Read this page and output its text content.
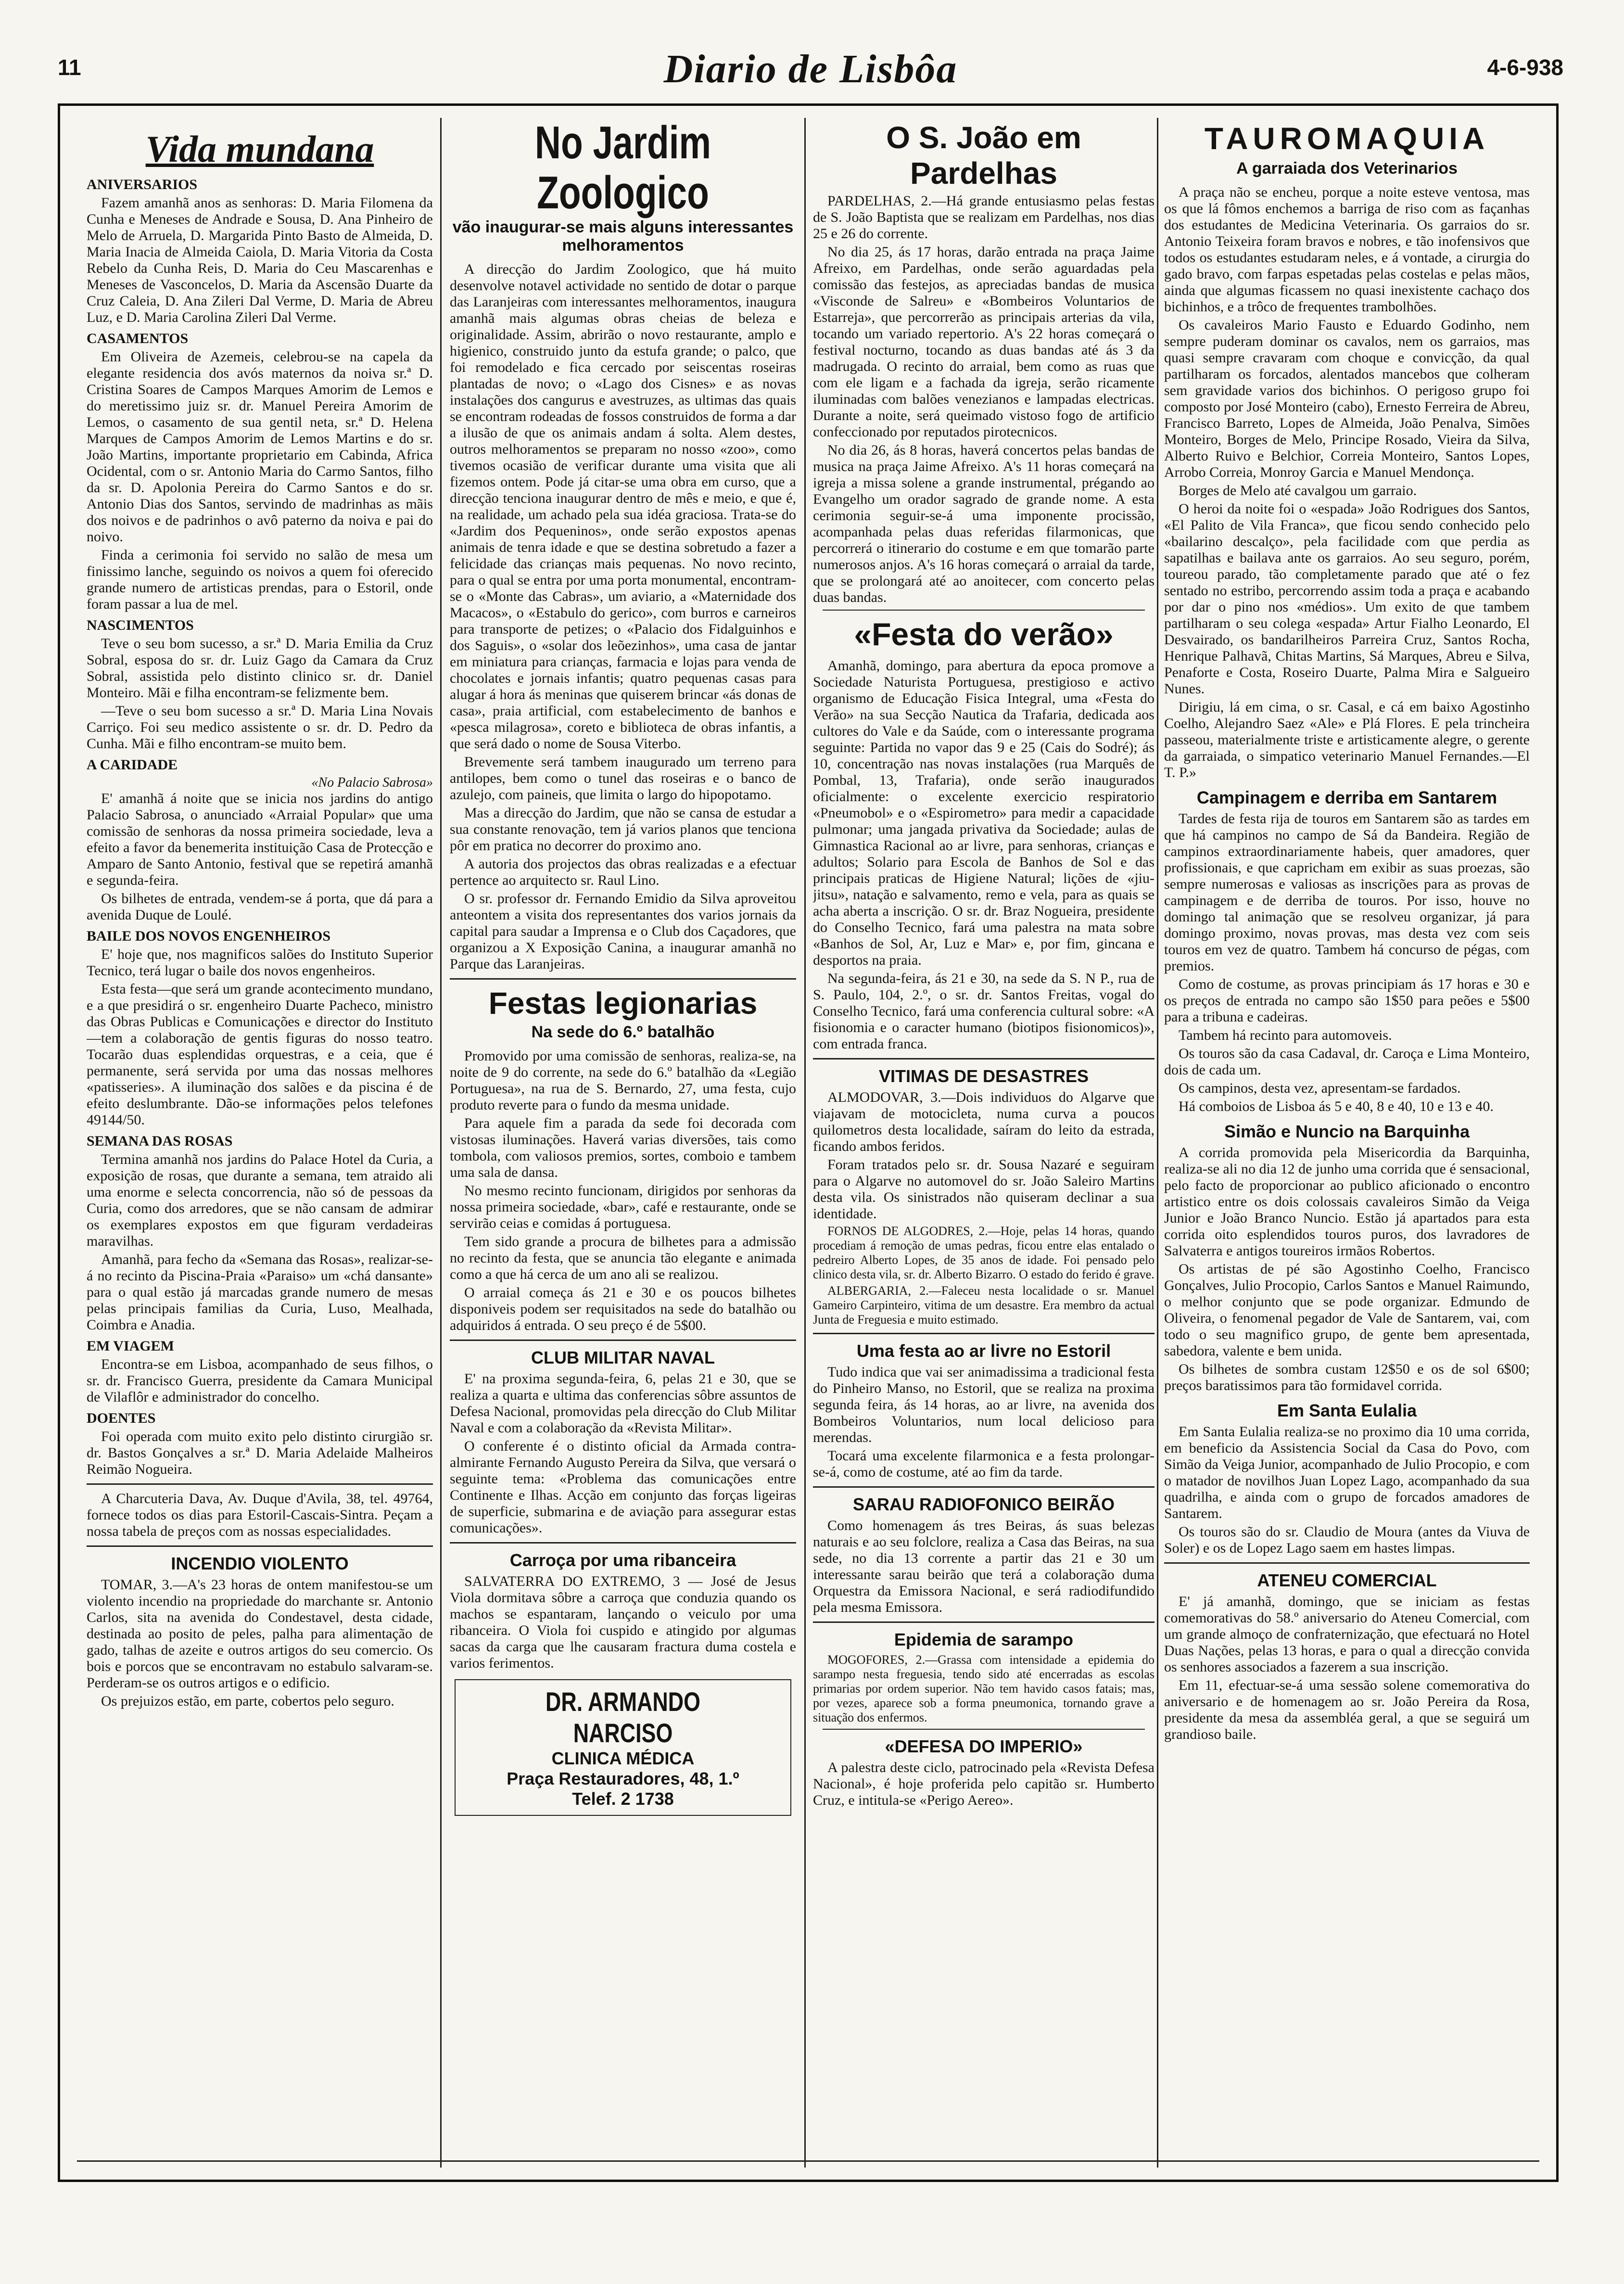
11	Diario de Lisbôa	4-6-938
Vida mundana
ANIVERSARIOS

Fazem amanhã anos as senhoras: D. Maria Filomena da Cunha e Meneses de Andrade e Sousa, D. Ana Pinheiro de Melo de Arruela, D. Margarida Pinto Basto de Almeida, D. Maria Inacia de Almeida Caiola, D. Maria Vitoria da Costa Rebelo da Cunha Reis, D. Maria do Ceu Mascarenhas e Meneses de Vasconcelos, D. Maria da Ascensão Duarte da Cruz Caleia, D. Ana Zileri Dal Verme, D. Maria de Abreu Luz, e D. Maria Carolina Zileri Dal Verme.

CASAMENTOS

Em Oliveira de Azemeis, celebrou-se na capela da elegante residencia dos avós maternos da noiva sr.ª D. Cristina Soares de Campos Marques Amorim de Lemos e do meretissimo juiz sr. dr. Manuel Pereira Amorim de Lemos, o casamento de sua gentil neta, sr.ª D. Helena Marques de Campos Amorim de Lemos Martins e do sr. João Martins, importante proprietario em Cabinda, Africa Ocidental, com o sr. Antonio Maria do Carmo Santos, filho da sr. D. Apolonia Pereira do Carmo Santos e do sr. Antonio Dias dos Santos, servindo de madrinhas as mãis dos noivos e de padrinhos o avô paterno da noiva e pai do noivo.

Finda a cerimonia foi servido no salão de mesa um finissimo lanche, seguindo os noivos a quem foi oferecido grande numero de artisticas prendas, para o Estoril, onde foram passar a lua de mel.

NASCIMENTOS

Teve o seu bom sucesso, a sr.ª D. Maria Emilia da Cruz Sobral, esposa do sr. dr. Luiz Gago da Camara da Cruz Sobral, assistida pelo distinto clinico sr. dr. Daniel Monteiro. Mãi e filha encontram-se felizmente bem.

—Teve o seu bom sucesso a sr.ª D. Maria Lina Novais Carriço. Foi seu medico assistente o sr. dr. D. Pedro da Cunha. Mãi e filho encontram-se muito bem.

A CARIDADE
«No Palacio Sabrosa»

E' amanhã á noite que se inicia nos jardins do antigo Palacio Sabrosa, o anunciado «Arraial Popular» que uma comissão de senhoras da nossa primeira sociedade, leva a efeito a favor da benemerita instituição Casa de Protecção e Amparo de Santo Antonio, festival que se repetirá amanhã e segunda-feira.

Os bilhetes de entrada, vendem-se á porta, que dá para a avenida Duque de Loulé.

BAILE DOS NOVOS ENGENHEIROS

E' hoje que, nos magnificos salões do Instituto Superior Tecnico, terá lugar o baile dos novos engenheiros.

Esta festa—que será um grande acontecimento mundano, e a que presidirá o sr. engenheiro Duarte Pacheco, ministro das Obras Publicas e Comunicações e director do Instituto—tem a colaboração de gentis figuras do nosso teatro. Tocarão duas esplendidas orquestras, e a ceia, que é permanente, será servida por uma das nossas melhores «patisseries». A iluminação dos salões e da piscina é de efeito deslumbrante. Dão-se informações pelos telefones 49144/50.

SEMANA DAS ROSAS

Termina amanhã nos jardins do Palace Hotel da Curia, a exposição de rosas, que durante a semana, tem atraido ali uma enorme e selecta concorrencia, não só de pessoas da Curia, como dos arredores, que se não cansam de admirar os exemplares expostos em que figuram verdadeiras maravilhas.

Amanhã, para fecho da «Semana das Rosas», realizar-se-á no recinto da Piscina-Praia «Paraiso» um «chá dansante» para o qual estão já marcadas grande numero de mesas pelas principais familias da Curia, Luso, Mealhada, Coimbra e Anadia.

EM VIAGEM

Encontra-se em Lisboa, acompanhado de seus filhos, o sr. dr. Francisco Guerra, presidente da Camara Municipal de Vilaflôr e administrador do concelho.

DOENTES

Foi operada com muito exito pelo distinto cirurgião sr. dr. Bastos Gonçalves a sr.ª D. Maria Adelaide Malheiros Reimão Nogueira.

A Charcuteria Dava, Av. Duque d'Avila, 38, tel. 49764, fornece todos os dias para Estoril-Cascais-Sintra. Peçam a nossa tabela de preços com as nossas especialidades.

INCENDIO VIOLENTO

TOMAR, 3.—A's 23 horas de ontem manifestou-se um violento incendio na propriedade do marchante sr. Antonio Carlos, sita na avenida do Condestavel, desta cidade, destinada ao posito de peles, palha para alimentação de gado, talhas de azeite e outros artigos do seu comercio. Os bois e porcos que se encontravam no estabulo salvaram-se. Perderam-se os outros artigos e o edificio.

Os prejuizos estão, em parte, cobertos pelo seguro.

No Jardim Zoologico
vão inaugurar-se mais alguns interessantes melhoramentos

A direcção do Jardim Zoologico, que há muito desenvolve notavel actividade no sentido de dotar o parque das Laranjeiras com interessantes melhoramentos, inaugura amanhã mais algumas obras cheias de beleza e originalidade. Assim, abrirão o novo restaurante, amplo e higienico, construido junto da estufa grande; o palco, que foi remodelado e fica cercado por seiscentas roseiras plantadas de novo; o «Lago dos Cisnes» e as novas instalações dos cangurus e avestruzes, as ultimas das quais se encontram rodeadas de fossos construidos de forma a dar a ilusão de que os animais andam á solta. Alem destes, outros melhoramentos se preparam no nosso «zoo», como tivemos ocasião de verificar durante uma visita que ali fizemos ontem. Pode já citar-se uma obra em curso, que a direcção tenciona inaugurar dentro de mês e meio, e que é, na realidade, um achado pela sua idéa graciosa. Trata-se do «Jardim dos Pequeninos», onde serão expostos apenas animais de tenra idade e que se destina sobretudo a fazer a felicidade das crianças mais pequenas. No novo recinto, para o qual se entra por uma porta monumental, encontram-se o «Monte das Cabras», um aviario, a «Maternidade dos Macacos», o «Estabulo do gerico», com burros e carneiros para transporte de petizes; o «Palacio dos Fidalguinhos e dos Saguis», o «solar dos leõezinhos», uma casa de jantar em miniatura para crianças, farmacia e lojas para venda de chocolates e jornais infantis; quatro pequenas casas para alugar á hora ás meninas que quiserem brincar «ás donas de casa», praia artificial, com estabelecimento de banhos e «pesca milagrosa», coreto e biblioteca de obras infantis, a que será dado o nome de Sousa Viterbo.

Brevemente será tambem inaugurado um terreno para antilopes, bem como o tunel das roseiras e o banco de azulejo, com paineis, que limita o largo do hipopotamo.

Mas a direcção do Jardim, que não se cansa de estudar a sua constante renovação, tem já varios planos que tenciona pôr em pratica no decorrer do proximo ano.

A autoria dos projectos das obras realizadas e a efectuar pertence ao arquitecto sr. Raul Lino.

O sr. professor dr. Fernando Emidio da Silva aproveitou anteontem a visita dos representantes dos varios jornais da capital para saudar a Imprensa e o Club dos Caçadores, que organizou a X Exposição Canina, a inaugurar amanhã no Parque das Laranjeiras.

Festas legionarias
Na sede do 6.º batalhão

Promovido por uma comissão de senhoras, realiza-se, na noite de 9 do corrente, na sede do 6.º batalhão da «Legião Portuguesa», na rua de S. Bernardo, 27, uma festa, cujo produto reverte para o fundo da mesma unidade.

Para aquele fim a parada da sede foi decorada com vistosas iluminações. Haverá varias diversões, tais como tombola, com valiosos premios, sortes, comboio e tambem uma sala de dansa.

No mesmo recinto funcionam, dirigidos por senhoras da nossa primeira sociedade, «bar», café e restaurante, onde se servirão ceias e comidas á portuguesa.

Tem sido grande a procura de bilhetes para a admissão no recinto da festa, que se anuncia tão elegante e animada como a que há cerca de um ano ali se realizou.

O arraial começa ás 21 e 30 e os poucos bilhetes disponiveis podem ser requisitados na sede do batalhão ou adquiridos á entrada. O seu preço é de 5$00.

CLUB MILITAR NAVAL

E' na proxima segunda-feira, 6, pelas 21 e 30, que se realiza a quarta e ultima das conferencias sôbre assuntos de Defesa Nacional, promovidas pela direcção do Club Militar Naval e com a colaboração da «Revista Militar».

O conferente é o distinto oficial da Armada contra-almirante Fernando Augusto Pereira da Silva, que versará o seguinte tema: «Problema das comunicações entre Continente e Ilhas. Acção em conjunto das forças ligeiras de superficie, submarina e de aviação para assegurar estas comunicações».

Carroça por uma ribanceira

SALVATERRA DO EXTREMO, 3 — José de Jesus Viola dormitava sôbre a carroça que conduzia quando os machos se espantaram, lançando o veiculo por uma ribanceira. O Viola foi cuspido e atingido por algumas sacas da carga que lhe causaram fractura duma costela e varios ferimentos.

DR. ARMANDO NARCISO
CLINICA MÉDICA
Praça Restauradores, 48, 1.º
Telef. 2 1738
O S. João em Pardelhas

PARDELHAS, 2.—Há grande entusiasmo pelas festas de S. João Baptista que se realizam em Pardelhas, nos dias 25 e 26 do corrente.

No dia 25, ás 17 horas, darão entrada na praça Jaime Afreixo, em Pardelhas, onde serão aguardadas pela comissão das festejos, as apreciadas bandas de musica «Visconde de Salreu» e «Bombeiros Voluntarios de Estarreja», que percorrerão as principais arterias da vila, tocando um variado repertorio. A's 22 horas começará o festival nocturno, tocando as duas bandas até ás 3 da madrugada. O recinto do arraial, bem como as ruas que com ele ligam e a fachada da igreja, serão ricamente iluminadas com balões venezianos e lampadas electricas. Durante a noite, será queimado vistoso fogo de artificio confeccionado por reputados pirotecnicos.

No dia 26, ás 8 horas, haverá concertos pelas bandas de musica na praça Jaime Afreixo. A's 11 horas começará na igreja a missa solene a grande instrumental, prégando ao Evangelho um orador sagrado de grande nome. A esta cerimonia seguir-se-á uma imponente procissão, acompanhada pelas duas referidas filarmonicas, que percorrerá o itinerario do costume e em que tomarão parte numerosos anjos. A's 16 horas começará o arraial da tarde, que se prolongará até ao anoitecer, com concerto pelas duas bandas.

«Festa do verão»

Amanhã, domingo, para abertura da epoca promove a Sociedade Naturista Portuguesa, prestigioso e activo organismo de Educação Fisica Integral, uma «Festa do Verão» na sua Secção Nautica da Trafaria, dedicada aos cultores do Vale e da Saúde, com o interessante programa seguinte: Partida no vapor das 9 e 25 (Cais do Sodré); ás 10, concentração nas novas instalações (rua Marquês de Pombal, 13, Trafaria), onde serão inaugurados oficialmente: o excelente exercicio respiratorio «Pneumobol» e o «Espirometro» para medir a capacidade pulmonar; uma jangada privativa da Sociedade; aulas de Gimnastica Racional ao ar livre, para senhoras, crianças e adultos; Solario para Escola de Banhos de Sol e das principais praticas de Higiene Natural; lições de «jiu-jitsu», natação e salvamento, remo e vela, para as quais se acha aberta a inscrição. O sr. dr. Braz Nogueira, presidente do Conselho Tecnico, fará uma palestra na mata sobre «Banhos de Sol, Ar, Luz e Mar» e, por fim, gincana e desportos na praia.

Na segunda-feira, ás 21 e 30, na sede da S. N P., rua de S. Paulo, 104, 2.º, o sr. dr. Santos Freitas, vogal do Conselho Tecnico, fará uma conferencia cultural sobre: «A fisionomia e o caracter humano (biotipos fisionomicos)», com entrada franca.

VITIMAS DE DESASTRES

ALMODOVAR, 3.—Dois individuos do Algarve que viajavam de motocicleta, numa curva a poucos quilometros desta localidade, saíram do leito da estrada, ficando ambos feridos.

Foram tratados pelo sr. dr. Sousa Nazaré e seguiram para o Algarve no automovel do sr. João Saleiro Martins desta vila. Os sinistrados não quiseram declinar a sua identidade.

FORNOS DE ALGODRES, 2.—Hoje, pelas 14 horas, quando procediam á remoção de umas pedras, ficou entre elas entalado o pedreiro Alberto Lopes, de 35 anos de idade. Foi pensado pelo clinico desta vila, sr. dr. Alberto Bizarro. O estado do ferido é grave.

ALBERGARIA, 2.—Faleceu nesta localidade o sr. Manuel Gameiro Carpinteiro, vitima de um desastre. Era membro da actual Junta de Freguesia e muito estimado.

Uma festa ao ar livre no Estoril

Tudo indica que vai ser animadissima a tradicional festa do Pinheiro Manso, no Estoril, que se realiza na proxima segunda feira, ás 14 horas, ao ar livre, na avenida dos Bombeiros Voluntarios, num local delicioso para merendas.

Tocará uma excelente filarmonica e a festa prolongar-se-á, como de costume, até ao fim da tarde.

SARAU RADIOFONICO BEIRÃO

Como homenagem ás tres Beiras, ás suas belezas naturais e ao seu folclore, realiza a Casa das Beiras, na sua sede, no dia 13 corrente a partir das 21 e 30 um interessante sarau beirão que terá a colaboração duma Orquestra da Emissora Nacional, e será radiodifundido pela mesma Emissora.

Epidemia de sarampo

MOGOFORES, 2.—Grassa com intensidade a epidemia do sarampo nesta freguesia, tendo sido até encerradas as escolas primarias por ordem superior. Não tem havido casos fatais; mas, por vezes, aparece sob a forma pneumonica, tornando grave a situação dos enfermos.

«DEFESA DO IMPERIO»

A palestra deste ciclo, patrocinado pela «Revista Defesa Nacional», é hoje proferida pelo capitão sr. Humberto Cruz, e intitula-se «Perigo Aereo».

TAUROMAQUIA
A garraiada dos Veterinarios

A praça não se encheu, porque a noite esteve ventosa, mas os que lá fômos enchemos a barriga de riso com as façanhas dos estudantes de Medicina Veterinaria. Os garraios do sr. Antonio Teixeira foram bravos e nobres, e tão inofensivos que todos os estudantes estudaram neles, e á vontade, a cirurgia do gado bravo, com farpas espetadas pelas costelas e pelas mãos, ainda que algumas ficassem no quasi inexistente cachaço dos bichinhos, e a trôco de frequentes trambolhões.

Os cavaleiros Mario Fausto e Eduardo Godinho, nem sempre puderam dominar os cavalos, nem os garraios, mas quasi sempre cravaram com choque e convicção, da qual partilharam os forcados, alentados mancebos que colheram sem gravidade varios dos bichinhos. O perigoso grupo foi composto por José Monteiro (cabo), Ernesto Ferreira de Abreu, Francisco Barreto, Lopes de Almeida, João Penalva, Simões Monteiro, Borges de Melo, Principe Rosado, Vieira da Silva, Alberto Ruivo e Belchior, Correia Monteiro, Santos Lopes, Arrobo Correia, Monroy Garcia e Manuel Mendonça.

Borges de Melo até cavalgou um garraio.

O heroi da noite foi o «espada» João Rodrigues dos Santos, «El Palito de Vila Franca», que ficou sendo conhecido pelo «bailarino descalço», pela facilidade com que perdia as sapatilhas e bailava ante os garraios. Ao seu seguro, porém, toureou parado, tão completamente parado que até o fez sentado no estribo, percorrendo assim toda a praça e acabando por dar o pino nos «médios». Um exito de que tambem partilharam o seu colega «espada» Artur Fialho Leonardo, El Desvairado, os bandarilheiros Parreira Cruz, Santos Rocha, Henrique Palhavã, Chitas Martins, Sá Marques, Abreu e Silva, Penaforte e Costa, Roseiro Duarte, Palma Mira e Salgueiro Nunes.

Dirigiu, lá em cima, o sr. Casal, e cá em baixo Agostinho Coelho, Alejandro Saez «Ale» e Plá Flores. E pela trincheira passeou, materialmente triste e artisticamente alegre, o gerente da garraiada, o simpatico veterinario Manuel Fernandes.—El T. P.»

Campinagem e derriba em Santarem

Tardes de festa rija de touros em Santarem são as tardes em que há campinos no campo de Sá da Bandeira. Região de campinos extraordinariamente habeis, quer amadores, quer profissionais, e que capricham em exibir as suas proezas, são sempre numerosas e valiosas as inscrições para as provas de campinagem e de derriba de touros. Por isso, houve no domingo tal animação que se resolveu organizar, já para domingo proximo, novas provas, mas desta vez com seis touros em vez de quatro. Tambem há concurso de pégas, com premios.

Como de costume, as provas principiam ás 17 horas e 30 e os preços de entrada no campo são 1$50 para peões e 5$00 para a tribuna e cadeiras.

Tambem há recinto para automoveis.

Os touros são da casa Cadaval, dr. Caroça e Lima Monteiro, dois de cada um.

Os campinos, desta vez, apresentam-se fardados.

Há comboios de Lisboa ás 5 e 40, 8 e 40, 10 e 13 e 40.

Simão e Nuncio na Barquinha

A corrida promovida pela Misericordia da Barquinha, realiza-se ali no dia 12 de junho uma corrida que é sensacional, pelo facto de proporcionar ao publico aficionado o encontro artistico entre os dois colossais cavaleiros Simão da Veiga Junior e João Branco Nuncio. Estão já apartados para esta corrida oito esplendidos touros puros, dos lavradores de Salvaterra e antigos toureiros irmãos Robertos.

Os artistas de pé são Agostinho Coelho, Francisco Gonçalves, Julio Procopio, Carlos Santos e Manuel Raimundo, o melhor conjunto que se pode organizar. Edmundo de Oliveira, o fenomenal pegador de Vale de Santarem, vai, com todo o seu magnifico grupo, de gente bem apresentada, sabedora, valente e bem unida.

Os bilhetes de sombra custam 12$50 e os de sol 6$00; preços baratissimos para tão formidavel corrida.

Em Santa Eulalia

Em Santa Eulalia realiza-se no proximo dia 10 uma corrida, em beneficio da Assistencia Social da Casa do Povo, com Simão da Veiga Junior, acompanhado de Julio Procopio, e com o matador de novilhos Juan Lopez Lago, acompanhado da sua quadrilha, e ainda com o grupo de forcados amadores de Santarem.

Os touros são do sr. Claudio de Moura (antes da Viuva de Soler) e os de Lopez Lago saem em hastes limpas.

ATENEU COMERCIAL

E' já amanhã, domingo, que se iniciam as festas comemorativas do 58.º aniversario do Ateneu Comercial, com um grande almoço de confraternização, que efectuará no Hotel Duas Nações, pelas 13 horas, e para o qual a direcção convida os senhores associados a fazerem a sua inscrição.

Em 11, efectuar-se-á uma sessão solene comemorativa do aniversario e de homenagem ao sr. João Pereira da Rosa, presidente da mesa da assembléa geral, a que se seguirá um grandioso baile.
